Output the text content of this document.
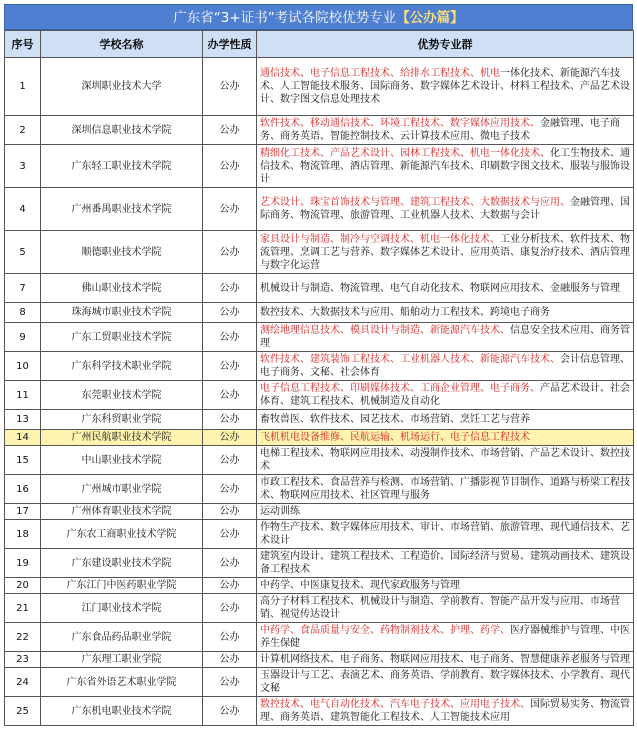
广东省“3+证书”考试各院校优势专业【公办篇】
序号	学校名称	办学性质	优势专业群
1	深圳职业技术大学	公办	通信技术、电子信息工程技术、给排水工程技术、机电一体化技术、新能源汽车技术、人工智能技术服务、国际商务、数字媒体艺术设计、材料工程技术、产品艺术设计、数字图文信息处理技术
2	深圳信息职业技术学院	公办	软件技术、移动通信技术、环境工程技术、数字媒体应用技术、金融管理、电子商务、商务英语、智能控制技术、云计算技术应用、微电子技术
3	广东轻工职业技术学院	公办	精细化工技术、产品艺术设计、园林工程技术、机电一体化技术、化工生物技术、通信技术、物流管理、酒店管理、新能源汽车技术、印刷数字图文技术、服装与服饰设计
4	广州番禺职业技术学院	公办	艺术设计、珠宝首饰技术与管理、建筑工程技术、大数据技术与应用、金融管理、国际商务、物流管理、旅游管理、工业机器人技术、大数据与会计
5	顺德职业技术学院	公办	家具设计与制造、制冷与空调技术、机电一体化技术、工业分析技术、软件技术、物流管理、烹调工艺与营养、数字媒体艺术设计、应用英语、康复治疗技术、酒店管理与数字化运营
7	佛山职业技术学院	公办	机械设计与制造、物流管理、电气自动化技术、物联网应用技术、金融服务与管理
8	珠海城市职业技术学院	公办	数控技术、大数据技术与应用、船舶动力工程技术、跨境电子商务
9	广东工贸职业技术学院	公办	测绘地理信息技术、模具设计与制造、新能源汽车技术、信息安全技术应用、商务管理
10	广东科学技术职业学院	公办	软件技术、建筑装饰工程技术、工业机器人技术、新能源汽车技术、会计信息管理、电子商务、文秘、社会体育
11	东莞职业技术学院	公办	电子信息工程技术、印刷媒体技术、工商企业管理、电子商务、产品艺术设计、社会体育、建筑工程技术、机械制造及自动化
13	广东科贸职业学院	公办	畜牧兽医、软件技术、园艺技术、市场营销、烹饪工艺与营养
14	广州民航职业技术学院	公办	飞机机电设备维修、民航运输、机场运行、电子信息工程技术
15	中山职业技术学院	公办	电梯工程技术、物联网应用技术、动漫制作技术、市场营销、产品艺术设计、数控技术
16	广州城市职业学院	公办	市政工程技术、食品营养与检测、市场营销、广播影视节目制作、道路与桥梁工程技术、物联网应用技术、社区管理与服务
17	广州体育职业技术学院	公办	运动训练
18	广东农工商职业技术学院	公办	作物生产技术、数字媒体应用技术、审计、市场营销、旅游管理、现代通信技术、艺术设计
19	广东建设职业技术学院	公办	建筑室内设计、建筑工程技术、工程造价、国际经济与贸易、建筑动画技术、建筑设备工程技术
20	广东江门中医药职业学院	公办	中药学、中医康复技术、现代家政服务与管理
21	江门职业技术学院	公办	高分子材料工程技术、机械设计与制造、学前教育、智能产品开发与应用、市场营销、视觉传达设计
22	广东食品药品职业学院	公办	中药学、食品质量与安全、药物制剂技术、护理、药学、医疗器械维护与管理、中医养生保健
23	广东理工职业学院	公办	计算机网络技术、电子商务、物联网应用技术、电子商务、智慧健康养老服务与管理
24	广东省外语艺术职业学院	公办	玉器设计与工艺、表演艺术、商务英语、学前教育、数字媒体技术、小学教育、现代文秘
25	广东机电职业技术学院	公办	数控技术、电气自动化技术、汽车电子技术、应用电子技术、国际贸易实务、物流管理、商务英语、建筑智能化工程技术、人工智能技术应用
